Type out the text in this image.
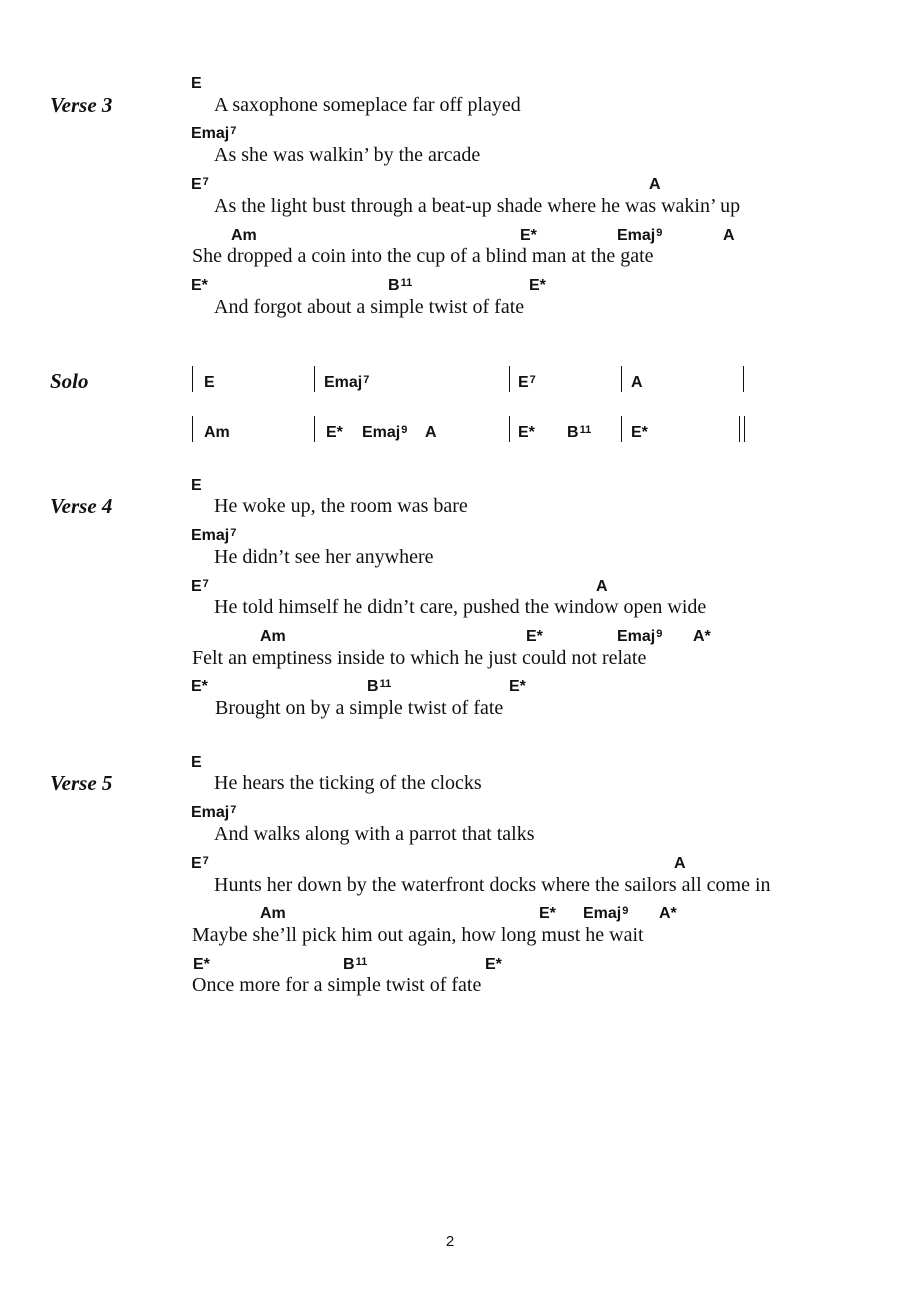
Verse 3
E
A saxophone someplace far off played
Emaj$^7$
As she was walkin’ by the arcade
$E^7$	A
As the light bust through a beat-up shade where he was wakin’ up
Am	E*	Emaj$^9$	A
She dropped a coin into the cup of a blind man at the gate
E*	$B^{11}$	E*
And forgot about a simple twist of fate
Solo	E	Emaj$^7$	$E^7$	A
Am	E* Emaj$^9$ A	E* $B^{11}$ E*
Verse 4
E
He woke up, the room was bare
Emaj$^7$
He didn’t see her anywhere
$E^7$	A
He told himself he didn’t care, pushed the window open wide
Am	E*	Emaj$^9$ A*
Felt an emptiness inside to which he just could not relate
E*	$B^{11}$	E*
Brought on by a simple twist of fate
Verse 5
E
He hears the ticking of the clocks
Emaj$^7$
And walks along with a parrot that talks
$E^7$	A
Hunts her down by the waterfront docks where the sailors all come in
Am	E* Emaj$^9$ A*
Maybe she’ll pick him out again, how long must he wait
E*	$B^{11}$	E*
Once more for a simple twist of fate
2
